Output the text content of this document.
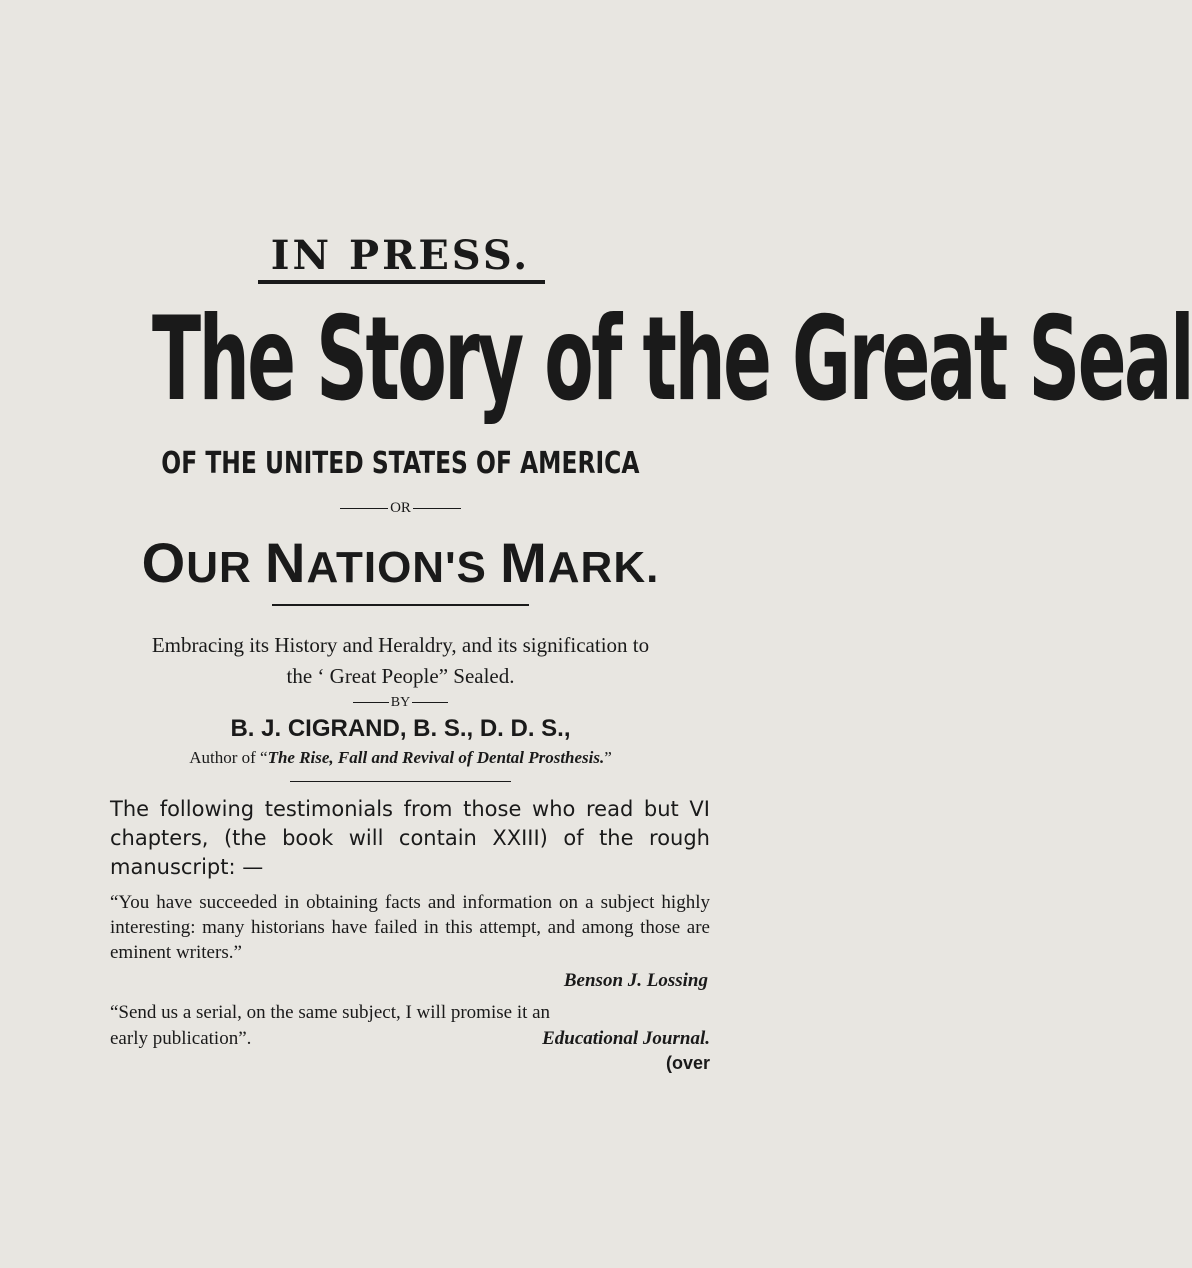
IN PRESS.
The Story of the Great Seal
OF THE UNITED STATES OF AMERICA
OR
OUR NATION'S MARK.
Embracing its History and Heraldry, and its signification to
the ‘ Great People” Sealed.
BY
B. J. CIGRAND, B. S., D. D. S.,
Author of “The Rise, Fall and Revival of Dental Prosthesis.”
The following testimonials from those who read but VI chapters, (the book will contain XXIII) of the rough manuscript: —
“You have succeeded in obtaining facts and information on a subject highly interesting: many historians have failed in this attempt, and among those are eminent writers.”
Benson J. Lossing
“Send us a serial, on the same subject, I will promise it an
early publication”.	Educational Journal.
(over
